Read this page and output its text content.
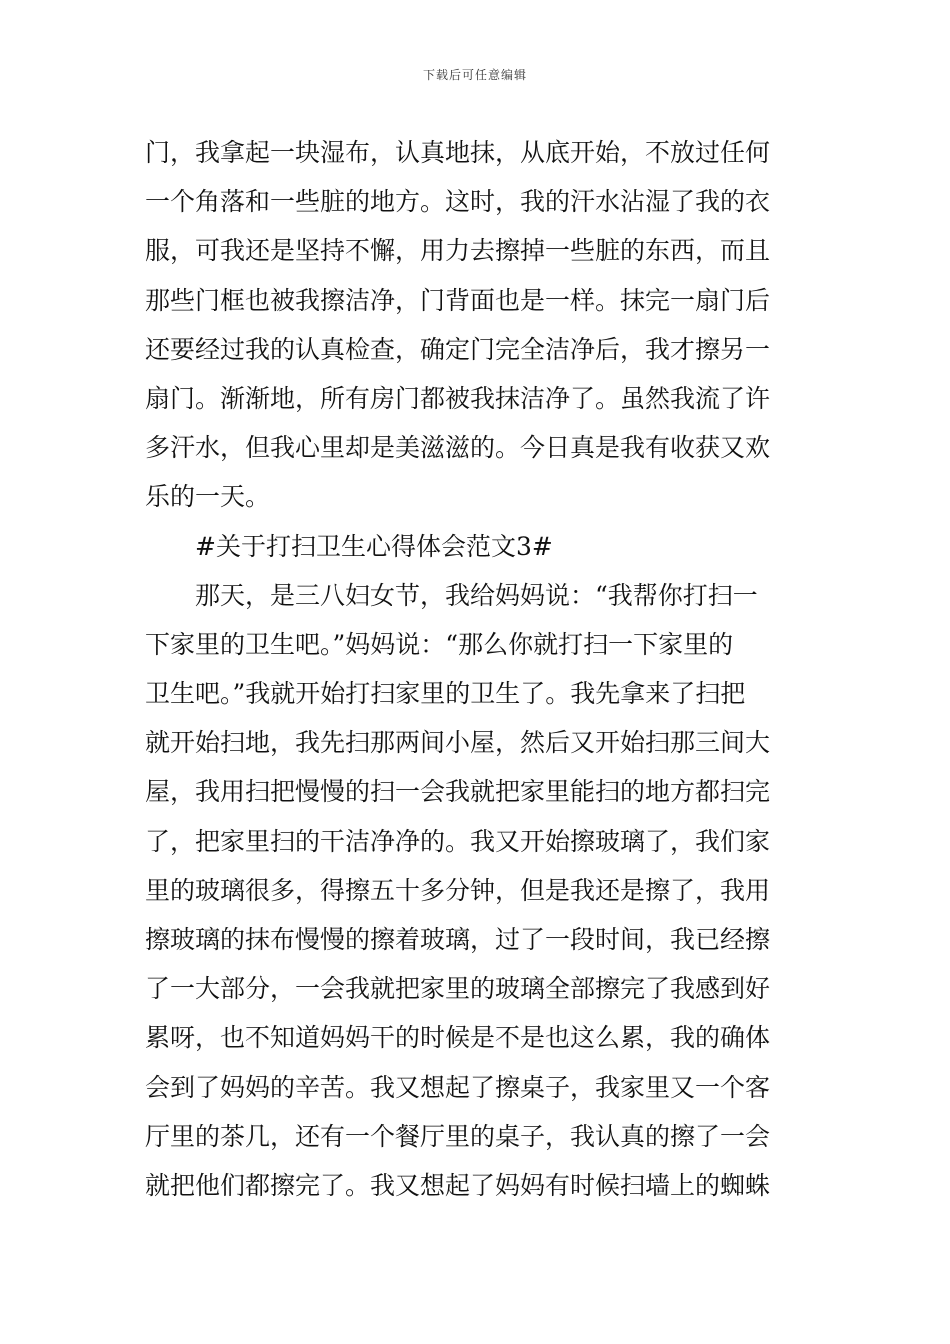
下载后可任意编辑
门，我拿起一块湿布，认真地抹，从底开始，不放过任何
一个角落和一些脏的地方。这时，我的汗水沾湿了我的衣
服，可我还是坚持不懈，用力去擦掉一些脏的东西，而且
那些门框也被我擦洁净，门背面也是一样。抹完一扇门后
还要经过我的认真检查，确定门完全洁净后，我才擦另一
扇门。渐渐地，所有房门都被我抹洁净了。虽然我流了许
多汗水，但我心里却是美滋滋的。今日真是我有收获又欢
乐的一天。
#关于打扫卫生心得体会范文3#
那天，是三八妇女节，我给妈妈说：“我帮你打扫一
下家里的卫生吧。”妈妈说：“那么你就打扫一下家里的
卫生吧。”我就开始打扫家里的卫生了。我先拿来了扫把
就开始扫地，我先扫那两间小屋，然后又开始扫那三间大
屋，我用扫把慢慢的扫一会我就把家里能扫的地方都扫完
了，把家里扫的干洁净净的。我又开始擦玻璃了，我们家
里的玻璃很多，得擦五十多分钟，但是我还是擦了，我用
擦玻璃的抹布慢慢的擦着玻璃，过了一段时间，我已经擦
了一大部分，一会我就把家里的玻璃全部擦完了我感到好
累呀，也不知道妈妈干的时候是不是也这么累，我的确体
会到了妈妈的辛苦。我又想起了擦桌子，我家里又一个客
厅里的茶几，还有一个餐厅里的桌子，我认真的擦了一会
就把他们都擦完了。我又想起了妈妈有时候扫墙上的蜘蛛
